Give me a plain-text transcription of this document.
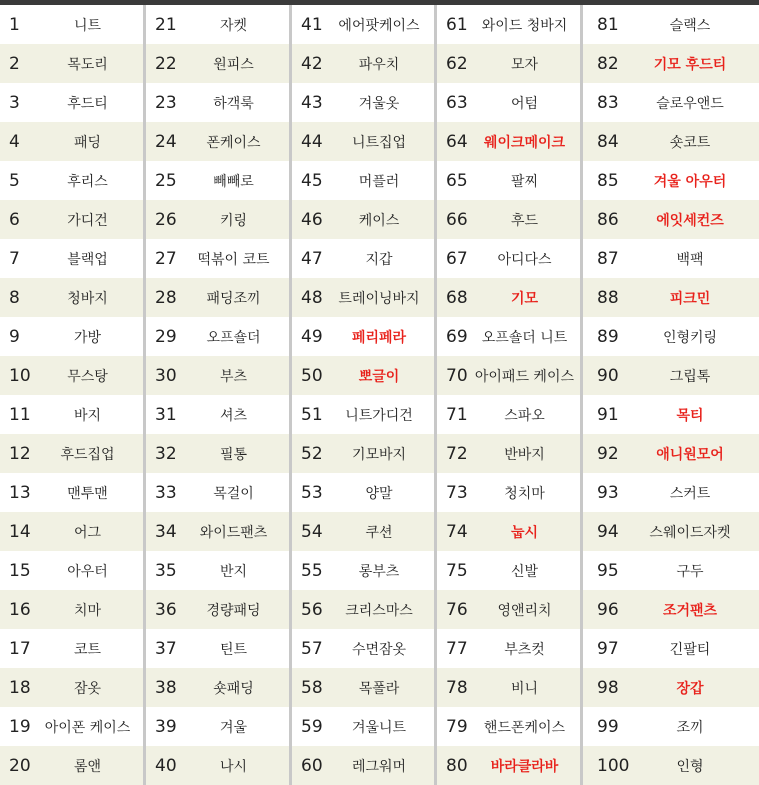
1	니트
2	목도리
3	후드티
4	패딩
5	후리스
6	가디건
7	블랙업
8	청바지
9	가방
10	무스탕
11	바지
12	후드집업
13	맨투맨
14	어그
15	아우터
16	치마
17	코트
18	잠옷
19	아이폰 케이스
20	롬앤
21	자켓
22	원피스
23	하객룩
24	폰케이스
25	빼빼로
26	키링
27	떡볶이 코트
28	패딩조끼
29	오프숄더
30	부츠
31	셔츠
32	필통
33	목걸이
34	와이드팬츠
35	반지
36	경량패딩
37	틴트
38	숏패딩
39	겨울
40	나시
41	에어팟케이스
42	파우치
43	겨울옷
44	니트집업
45	머플러
46	케이스
47	지갑
48	트레이닝바지
49	페리페라
50	뽀글이
51	니트가디건
52	기모바지
53	양말
54	쿠션
55	롱부츠
56	크리스마스
57	수면잠옷
58	목폴라
59	겨울니트
60	레그워머
61	와이드 청바지
62	모자
63	어텀
64	웨이크메이크
65	팔찌
66	후드
67	아디다스
68	기모
69	오프숄더 니트
70 아이패드 케이스
71	스파오
72	반바지
73	청치마
74	눕시
75	신발
76	영앤리치
77	부츠컷
78	비니
79	핸드폰케이스
80	바라클라바
81	슬랙스
82	기모 후드티
83	슬로우앤드
84	숏코트
85	겨울 아우터
86	에잇세컨즈
87	백팩
88	피크민
89	인형키링
90	그립톡
91	목티
92	애니원모어
93	스커트
94	스웨이드자켓
95	구두
96	조거팬츠
97	긴팔티
98	장갑
99	조끼
100	인형
